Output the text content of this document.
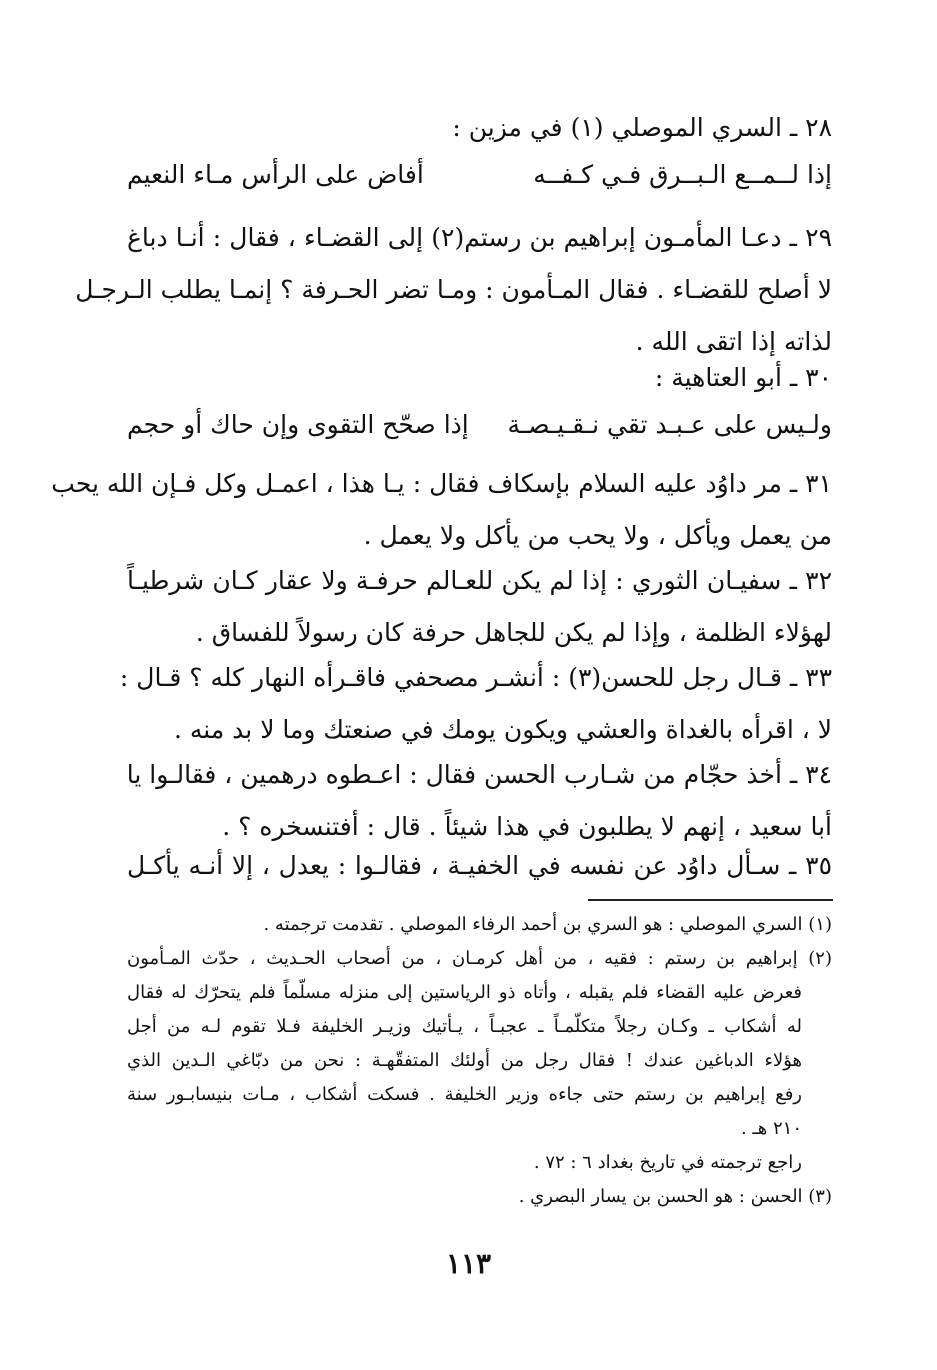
٢٨ ـ السري الموصلي (١) في مزين :
إذا لــمــع الـبــرق فـي كـفــه
أفاض على الرأس مـاء النعيم
٢٩ ـ دعـا المأمـون إبراهيم بن رستم(٢) إلى القضـاء ، فقال : أنـا دباغ
لا أصلح للقضـاء . فقال المـأمون : ومـا تضر الحـرفة ؟ إنمـا يطلب الـرجـل
لذاته إذا اتقى الله .
٣٠ ـ أبو العتاهية :
ولـيس على عـبـد تقي نـقـيـصـة
إذا صحّح التقوى وإن حاك أو حجم
٣١ ـ مر داوُد عليه السلام بإسكاف فقال : يـا هذا ، اعمـل وكل فـإن الله يحب
من يعمل ويأكل ، ولا يحب من يأكل ولا يعمل .
٣٢ ـ سفيـان الثوري : إذا لم يكن للعـالم حرفـة ولا عقار كـان شرطيـاً
لهؤلاء الظلمة ، وإذا لم يكن للجاهل حرفة كان رسولاً للفساق .
٣٣ ـ قـال رجل للحسن(٣) : أنشـر مصحفي فاقـرأه النهار كله ؟ قـال :
لا ، اقرأه بالغداة والعشي ويكون يومك في صنعتك وما لا بد منه .
٣٤ ـ أخذ حجّام من شـارب الحسن فقال : اعـطوه درهمين ، فقالـوا يا
أبا سعيد ، إنهم لا يطلبون في هذا شيئاً . قال : أفتنسخره ؟ .
٣٥ ـ سـأل داوُد عن نفسه في الخفيـة ، فقالـوا : يعدل ، إلا أنـه يأكـل
(١) السري الموصلي : هو السري بن أحمد الرفاء الموصلي . تقدمت ترجمته .
(٢) إبراهيم بن رستم : فقيه ، من أهل كرمـان ، من أصحاب الحـديث ، حدّث المـأمون
فعرض عليه القضاء فلم يقبله ، وأتاه ذو الرياستين إلى منزله مسلّماً فلم يتحرّك له فقال
له أشكاب ـ وكـان رجلاً متكلّمـاً ـ عجبـاً ، يـأتيك وزيـر الخليفة فـلا تقوم لـه من أجل
هؤلاء الدباغين عندك ! فقال رجل من أولئك المتفقّهـة : نحن من دبّاغي الـدين الذي
رفع إبراهيم بن رستم حتى جاءه وزير الخليفة . فسكت أشكاب ، مـات بنيسابـور سنة
٢١٠ هـ .
راجع ترجمته في تاريخ بغداد ٦ : ٧٢ .
(٣) الحسن : هو الحسن بن يسار البصري .
١١٣
